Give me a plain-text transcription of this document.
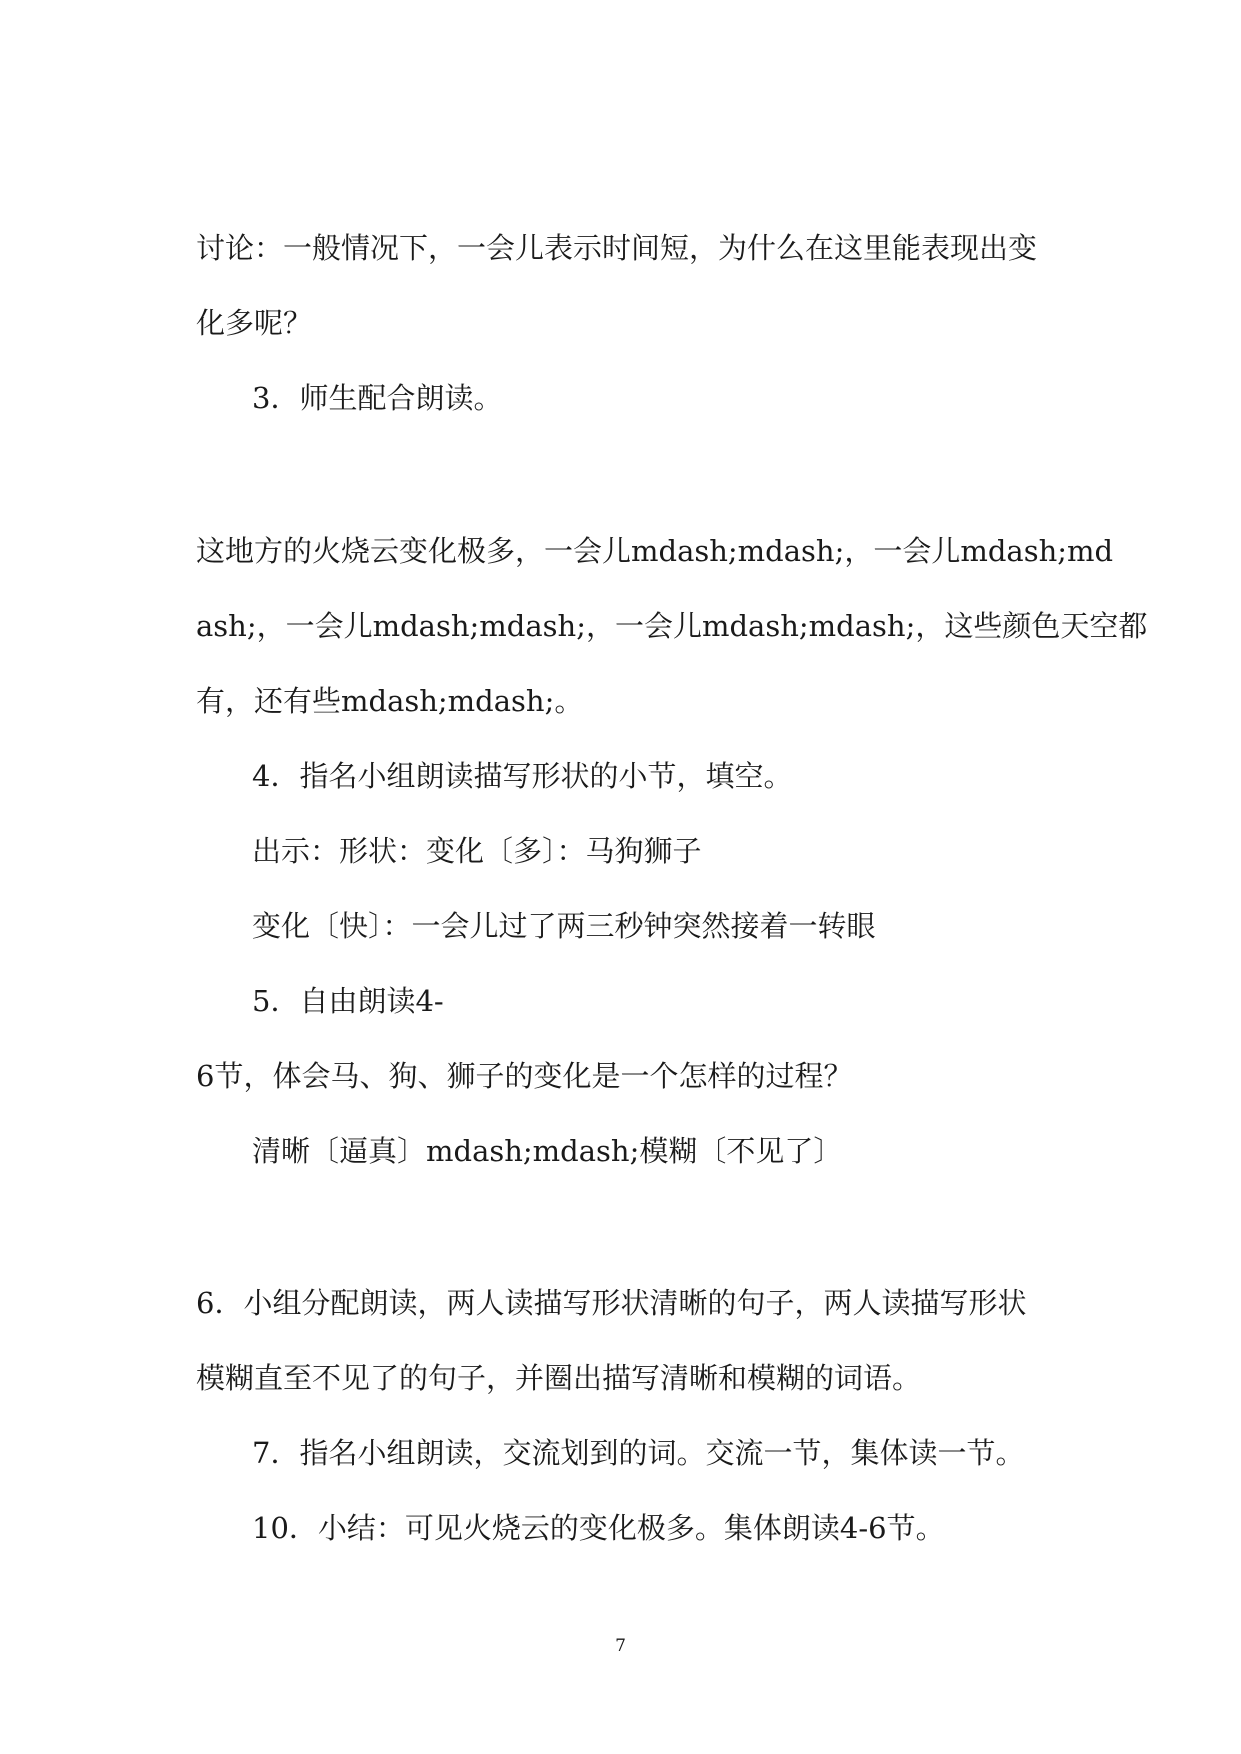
讨论：一般情况下，一会儿表示时间短，为什么在这里能表现出变
化多呢？
3．师生配合朗读。
这地方的火烧云变化极多，一会儿mdash;mdash;，一会儿mdash;md
ash;，一会儿mdash;mdash;，一会儿mdash;mdash;，这些颜色天空都
有，还有些mdash;mdash;。
4．指名小组朗读描写形状的小节，填空。
出示：形状：变化〔多〕：马狗狮子
变化〔快〕：一会儿过了两三秒钟突然接着一转眼
5．自由朗读4-
6节，体会马、狗、狮子的变化是一个怎样的过程？
清晰〔逼真〕mdash;mdash;模糊〔不见了〕
6．小组分配朗读，两人读描写形状清晰的句子，两人读描写形状
模糊直至不见了的句子，并圈出描写清晰和模糊的词语。
7．指名小组朗读，交流划到的词。交流一节，集体读一节。
10．小结：可见火烧云的变化极多。集体朗读4-6节。
7
